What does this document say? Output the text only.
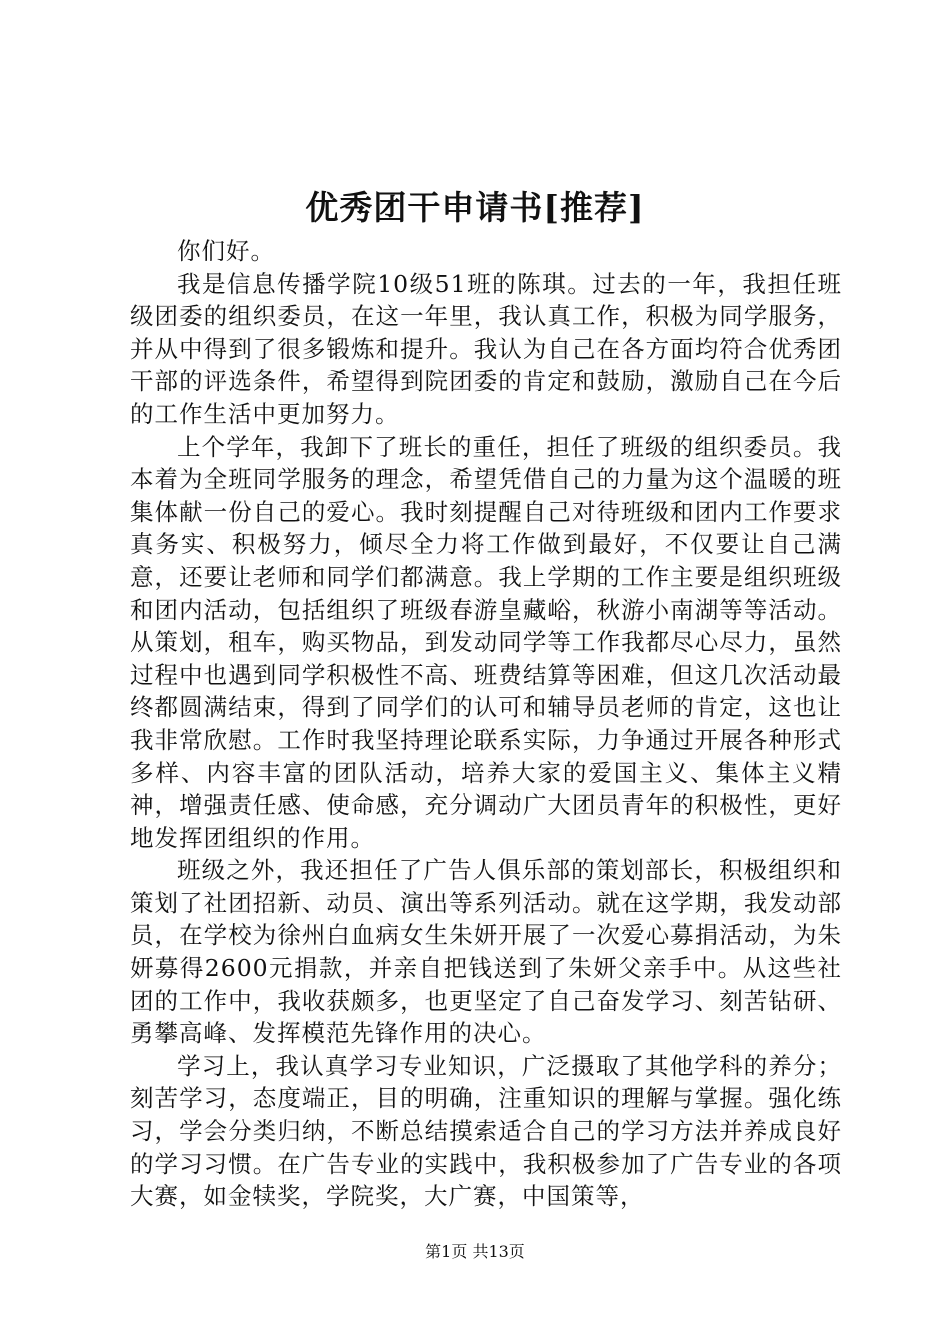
优秀团干申请书[推荐]

你们好。

我是信息传播学院10级51班的陈琪。过去的一年，我担任班级团委的组织委员，在这一年里，我认真工作，积极为同学服务，并从中得到了很多锻炼和提升。我认为自己在各方面均符合优秀团干部的评选条件，希望得到院团委的肯定和鼓励，激励自己在今后的工作生活中更加努力。

上个学年，我卸下了班长的重任，担任了班级的组织委员。我本着为全班同学服务的理念，希望凭借自己的力量为这个温暖的班集体献一份自己的爱心。我时刻提醒自己对待班级和团内工作要求真务实、积极努力，倾尽全力将工作做到最好，不仅要让自己满意，还要让老师和同学们都满意。我上学期的工作主要是组织班级和团内活动，包括组织了班级春游皇藏峪，秋游小南湖等等活动。从策划，租车，购买物品，到发动同学等工作我都尽心尽力，虽然过程中也遇到同学积极性不高、班费结算等困难，但这几次活动最终都圆满结束，得到了同学们的认可和辅导员老师的肯定，这也让我非常欣慰。工作时我坚持理论联系实际，力争通过开展各种形式多样、内容丰富的团队活动，培养大家的爱国主义、集体主义精神，增强责任感、使命感，充分调动广大团员青年的积极性，更好地发挥团组织的作用。

班级之外，我还担任了广告人俱乐部的策划部长，积极组织和策划了社团招新、动员、演出等系列活动。就在这学期，我发动部员，在学校为徐州白血病女生朱妍开展了一次爱心募捐活动，为朱妍募得2600元捐款，并亲自把钱送到了朱妍父亲手中。从这些社团的工作中，我收获颇多，也更坚定了自己奋发学习、刻苦钻研、勇攀高峰、发挥模范先锋作用的决心。

学习上，我认真学习专业知识，广泛摄取了其他学科的养分；刻苦学习，态度端正，目的明确，注重知识的理解与掌握。强化练习，学会分类归纳，不断总结摸索适合自己的学习方法并养成良好的学习习惯。在广告专业的实践中，我积极参加了广告专业的各项大赛，如金犊奖，学院奖，大广赛，中国策等，

第1页 共13页
